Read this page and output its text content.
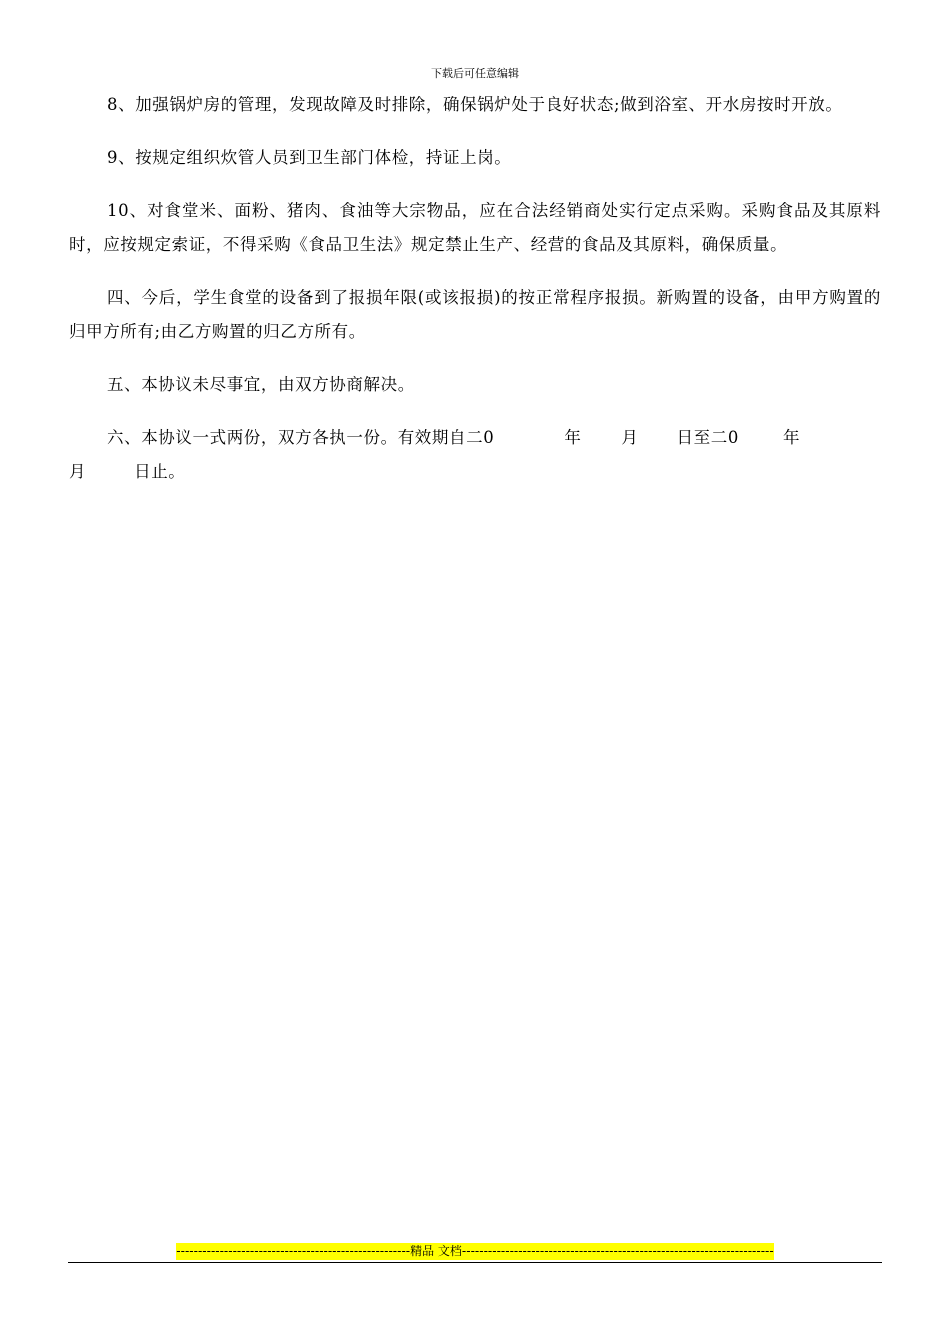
下载后可任意编辑

8、加强锅炉房的管理，发现故障及时排除，确保锅炉处于良好状态;做到浴室、开水房按时开放。

9、按规定组织炊管人员到卫生部门体检，持证上岗。

10、对食堂米、面粉、猪肉、食油等大宗物品，应在合法经销商处实行定点采购。采购食品及其原料时，应按规定索证，不得采购《食品卫生法》规定禁止生产、经营的食品及其原料，确保质量。

四、今后，学生食堂的设备到了报损年限(或该报损)的按正常程序报损。新购置的设备，由甲方购置的归甲方所有;由乙方购置的归乙方所有。

五、本协议未尽事宜，由双方协商解决。

六、本协议一式两份，双方各执一份。有效期自二0	年 月 日至二0	年
月	日止。

------------------------------------------------------精品 文档------------------------------------------------------------------------
